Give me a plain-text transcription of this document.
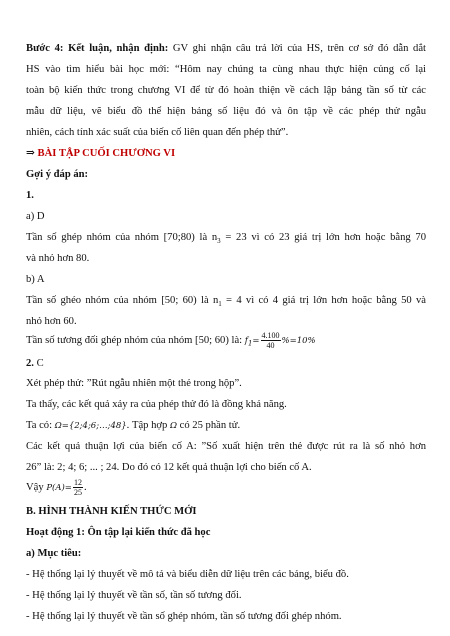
Bước 4: Kết luận, nhận định: GV ghi nhận câu trả lời của HS, trên cơ sở đó dẫn dắt
HS vào tìm hiểu bài học mới: “Hôm nay chúng ta cùng nhau thực hiện củng cố lại
toàn bộ kiến thức trong chương VI để từ đó hoàn thiện về cách lập bảng tần số từ các
mẫu dữ liệu, vẽ biểu đồ thể hiện bảng số liệu đó và ôn tập về các phép thử ngẫu
nhiên, cách tính xác suất của biến cố liên quan đến phép thử”.
⇒ BÀI TẬP CUỐI CHƯƠNG VI
Gợi ý đáp án:
1.
a) D
Tần số ghép nhóm của nhóm [70;80) là $n_3 = 23$ vì có 23 giá trị lớn hơn hoặc bằng 70
và nhỏ hơn 80.
b) A
Tần số ghéo nhóm của nhóm [50; 60) là $n_1 = 4$ vì có 4 giá trị lớn hơn hoặc bằng 50 và
nhỏ hơn 60.
Tần số tương đối ghép nhóm của nhóm [50; 60) là: $f_1= \frac{4.100}{40} \%=10\%$
2. C
Xét phép thử: ”Rút ngẫu nhiên một thẻ trong hộp”.
Ta thấy, các kết quả xảy ra của phép thử đó là đồng khả năng.
Ta có: Ω={2;4;6;…;48}. Tập hợp Ω có 25 phần tử.
Các kết quả thuận lợi của biến cố A: ”Số xuất hiện trên thẻ được rút ra là số nhỏ hơn
26” là: 2; 4; 6; ... ; 24. Do đó có 12 kết quả thuận lợi cho biến cố A.
Vậy $P(A)= \frac{12}{25}$ .
B. HÌNH THÀNH KIẾN THỨC MỚI
Hoạt động 1: Ôn tập lại kiến thức đã học
a) Mục tiêu:
- Hệ thống lại lý thuyết về mô tả và biểu diễn dữ liệu trên các bảng, biểu đồ.
- Hệ thống lại lý thuyết về tần số, tần số tương đối.
- Hệ thống lại lý thuyết về tần số ghép nhóm, tần số tương đối ghép nhóm.
